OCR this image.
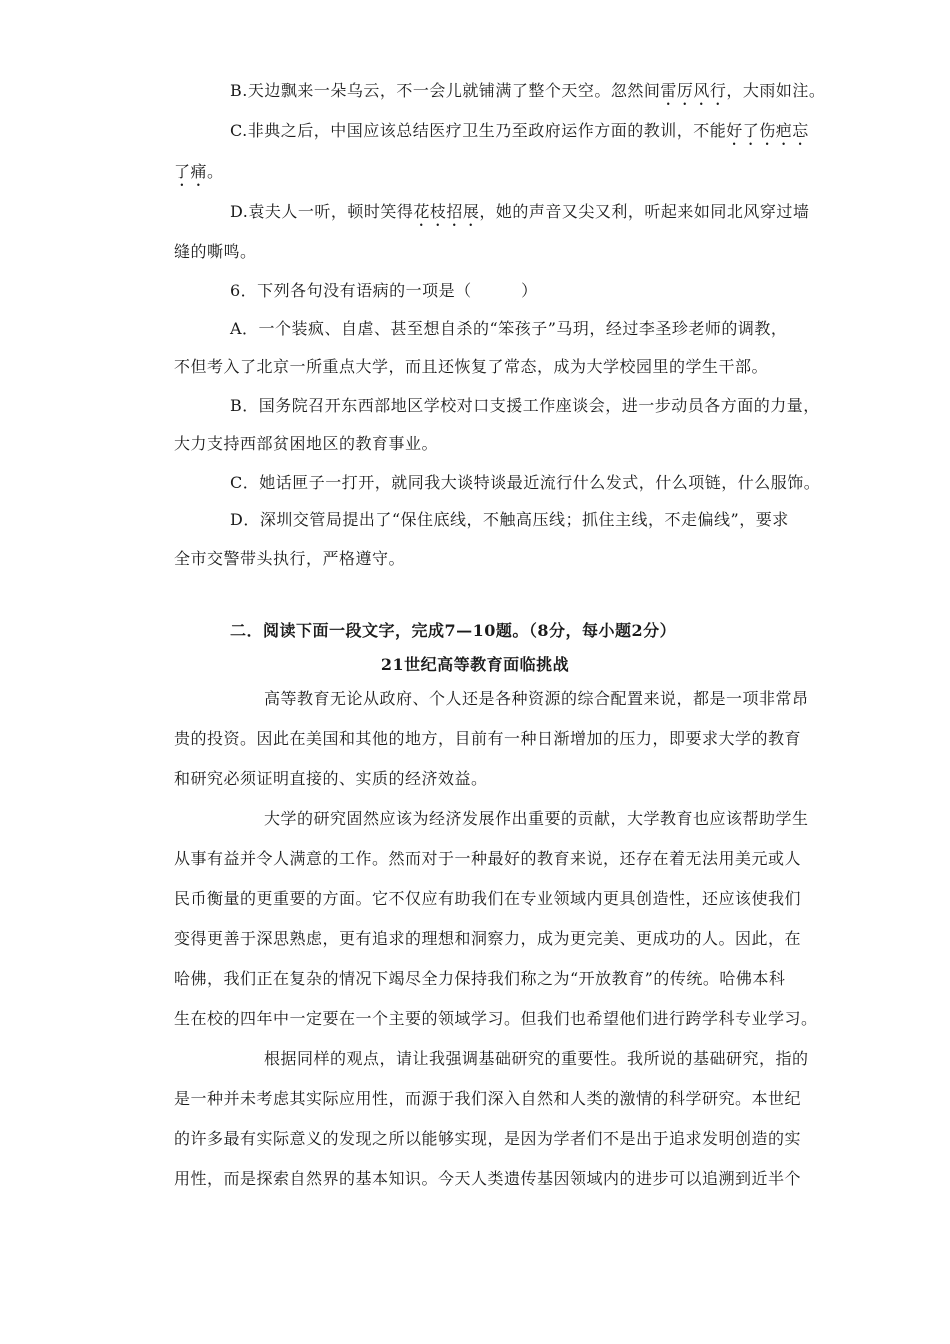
B.天边飘来一朵乌云，不一会儿就铺满了整个天空。忽然间雷厉风行，大雨如注。
C.非典之后，中国应该总结医疗卫生乃至政府运作方面的教训，不能好了伤疤忘
了痛。
D.袁夫人一听，顿时笑得花枝招展，她的声音又尖又利，听起来如同北风穿过墙
缝的嘶鸣。
6．下列各句没有语病的一项是（　　　）
A．一个装疯、自虐、甚至想自杀的“笨孩子”马玥，经过李圣珍老师的调教，
不但考入了北京一所重点大学，而且还恢复了常态，成为大学校园里的学生干部。
B．国务院召开东西部地区学校对口支援工作座谈会，进一步动员各方面的力量，
大力支持西部贫困地区的教育事业。
C．她话匣子一打开，就同我大谈特谈最近流行什么发式，什么项链，什么服饰。
D．深圳交管局提出了“保住底线，不触高压线；抓住主线，不走偏线”，要求
全市交警带头执行，严格遵守。
二．阅读下面一段文字，完成7—10题。（8分，每小题2分）
21世纪高等教育面临挑战
高等教育无论从政府、个人还是各种资源的综合配置来说，都是一项非常昂
贵的投资。因此在美国和其他的地方，目前有一种日渐增加的压力，即要求大学的教育
和研究必须证明直接的、实质的经济效益。
大学的研究固然应该为经济发展作出重要的贡献，大学教育也应该帮助学生
从事有益并令人满意的工作。然而对于一种最好的教育来说，还存在着无法用美元或人
民币衡量的更重要的方面。它不仅应有助我们在专业领域内更具创造性，还应该使我们
变得更善于深思熟虑，更有追求的理想和洞察力，成为更完美、更成功的人。因此，在
哈佛，我们正在复杂的情况下竭尽全力保持我们称之为“开放教育”的传统。哈佛本科
生在校的四年中一定要在一个主要的领域学习。但我们也希望他们进行跨学科专业学习。
根据同样的观点，请让我强调基础研究的重要性。我所说的基础研究，指的
是一种并未考虑其实际应用性，而源于我们深入自然和人类的激情的科学研究。本世纪
的许多最有实际意义的发现之所以能够实现，是因为学者们不是出于追求发明创造的实
用性，而是探索自然界的基本知识。今天人类遗传基因领域内的进步可以追溯到近半个
